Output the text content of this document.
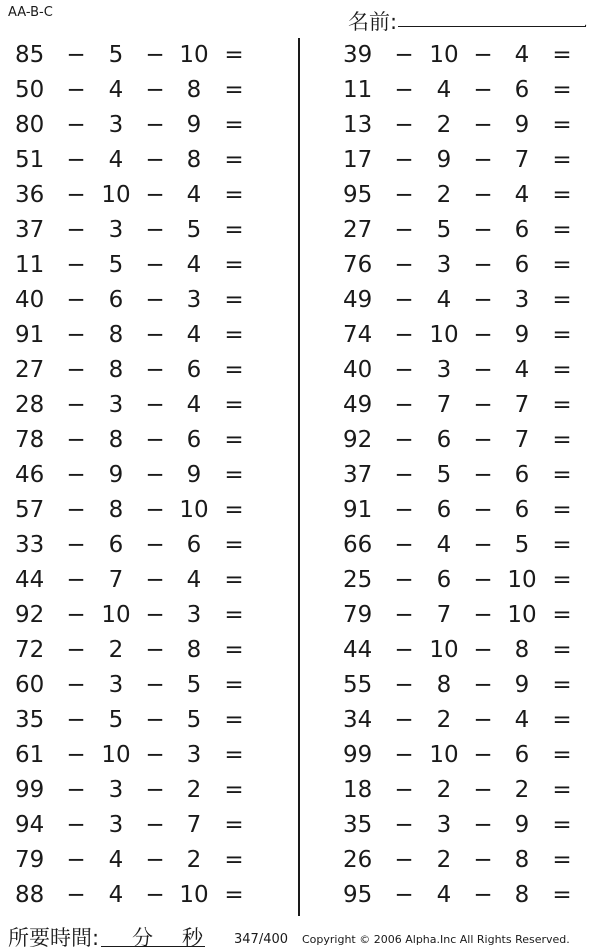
AA-B-C	名前:	.
85 −	5 − 10 =
50 −	4 − 8	=
80 −	3 − 9	=
51 −	4 − 8	=
36 − 10 − 4	=
37 −	3 − 5	=
11 −	5 − 4	=
40 −	6 − 3	=
91 −	8 − 4	=
27 −	8 − 6	=
28 −	3 − 4	=
78 −	8 − 6	=
46 −	9 − 9	=
57 −	8 − 10 =
33 −	6 − 6	=
44 −	7 − 4	=
92 − 10 − 3	=
72 −	2 − 8	=
60 −	3 − 5	=
35 −	5 − 5	=
61 − 10 − 3	=
99 −	3 − 2	=
94 −	3 − 7	=
79 −	4 − 2	=
88 −	4 − 10 =
39 − 10 − 4	=
11 −	4 − 6	=
13 −	2 − 9	=
17 −	9 − 7	=
95 −	2 − 4	=
27 −	5 − 6	=
76 −	3 − 6	=
49 −	4 − 3	=
74 − 10 − 9	=
40 −	3 − 4	=
49 −	7 − 7	=
92 −	6 − 7	=
37 −	5 − 6	=
91 −	6 − 6	=
66 −	4 − 5	=
25 −	6 − 10 =
79 −	7 − 10 =
44 − 10 − 8	=
55 −	8 − 9	=
34 −	2 − 4	=
99 − 10 − 6	=
18 −	2 − 2	=
35 −	3 − 9	=
26 −	2 − 8	=
95 −	4 − 8	=
所要時間: 分 秒 347/400 Copyright © 2006 Alpha.Inc All Rights Reserved.
